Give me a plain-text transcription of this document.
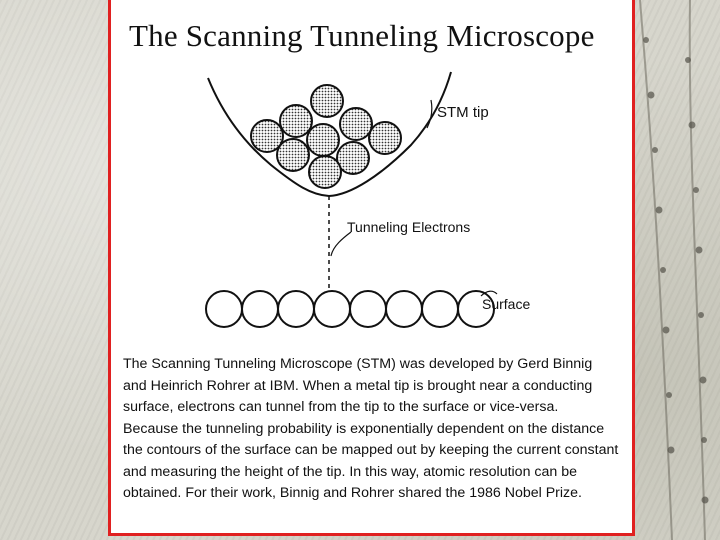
The Scanning Tunneling Microscope
STM tip
Tunneling Electrons
Surface

The Scanning Tunneling Microscope (STM) was developed by Gerd Binnig
and Heinrich Rohrer at IBM. When a metal tip is brought near a conducting
surface, electrons can tunnel from the tip to the surface or vice-versa.
Because the tunneling probability is exponentially dependent on the distance
the contours of the surface can be mapped out by keeping the current constant
and measuring the height of the tip. In this way, atomic resolution can be
obtained. For their work, Binnig and Rohrer shared the 1986 Nobel Prize.
